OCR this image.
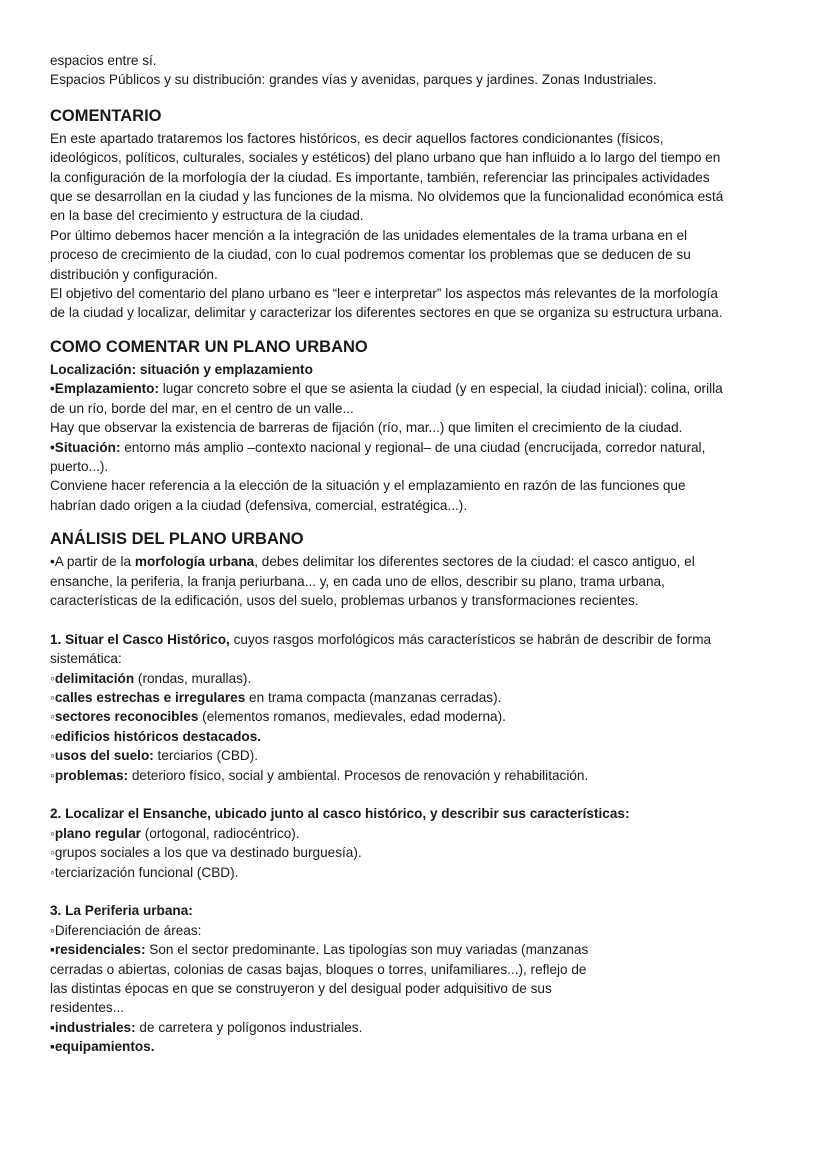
espacios entre sí.
Espacios Públicos y su distribución: grandes vías y avenidas, parques y jardines. Zonas Industriales.
COMENTARIO
En este apartado trataremos los factores históricos, es decir aquellos factores condicionantes (físicos,
ideológicos, políticos, culturales, sociales y estéticos) del plano urbano que han influido a lo largo del tiempo en
la configuración de la morfología der la ciudad. Es importante, también, referenciar las principales actividades
que se desarrollan en la ciudad y las funciones de la misma. No olvidemos que la funcionalidad económica está
en la base del crecimiento y estructura de la ciudad.
Por último debemos hacer mención a la integración de las unidades elementales de la trama urbana en el
proceso de crecimiento de la ciudad, con lo cual podremos comentar los problemas que se deducen de su
distribución y configuración.
El objetivo del comentario del plano urbano es “leer e interpretar” los aspectos más relevantes de la morfología
de la ciudad y localizar, delimitar y caracterizar los diferentes sectores en que se organiza su estructura urbana.
COMO COMENTAR UN PLANO URBANO
Localización: situación y emplazamiento
•Emplazamiento: lugar concreto sobre el que se asienta la ciudad (y en especial, la ciudad inicial): colina, orilla
de un río, borde del mar, en el centro de un valle...
Hay que observar la existencia de barreras de fijación (río, mar...) que limiten el crecimiento de la ciudad.
•Situación: entorno más amplio –contexto nacional y regional– de una ciudad (encrucijada, corredor natural,
puerto...).
Conviene hacer referencia a la elección de la situación y el emplazamiento en razón de las funciones que
habrían dado origen a la ciudad (defensiva, comercial, estratégica...).
ANÁLISIS DEL PLANO URBANO
•A partir de la morfología urbana, debes delimitar los diferentes sectores de la ciudad: el casco antiguo, el
ensanche, la periferia, la franja periurbana... y, en cada uno de ellos, describir su plano, trama urbana,
características de la edificación, usos del suelo, problemas urbanos y transformaciones recientes.
1. Situar el Casco Histórico, cuyos rasgos morfológicos más característicos se habrán de describir de forma
sistemática:
◦delimitación (rondas, murallas).
◦calles estrechas e irregulares en trama compacta (manzanas cerradas).
◦sectores reconocibles (elementos romanos, medievales, edad moderna).
◦edificios históricos destacados.
◦usos del suelo: terciarios (CBD).
◦problemas: deterioro físico, social y ambiental. Procesos de renovación y rehabilitación.
2. Localizar el Ensanche, ubicado junto al casco histórico, y describir sus características:
◦plano regular (ortogonal, radiocéntrico).
◦grupos sociales a los que va destinado burguesía).
◦terciarización funcional (CBD).
3. La Periferia urbana:
◦Diferenciación de áreas:
▪residenciales: Son el sector predominante. Las tipologías son muy variadas (manzanas
cerradas o abiertas, colonias de casas bajas, bloques o torres, unifamiliares...), reflejo de
las distintas épocas en que se construyeron y del desigual poder adquisitivo de sus
residentes...
▪industriales: de carretera y polígonos industriales.
▪equipamientos.
